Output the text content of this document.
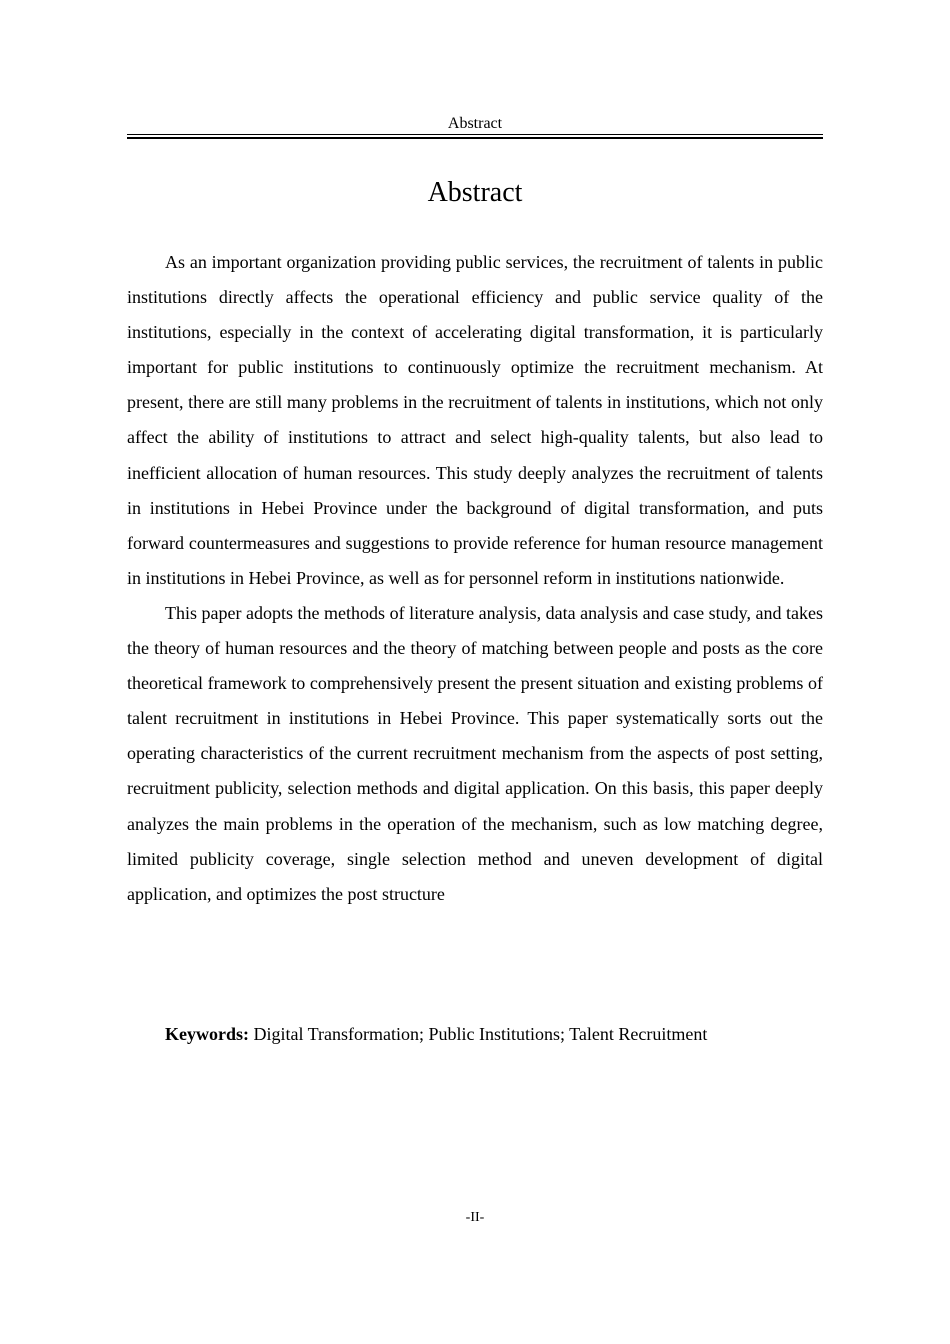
Abstract
Abstract

As an important organization providing public services, the recruitment of talents in public institutions directly affects the operational efficiency and public service quality of the institutions, especially in the context of accelerating digital transformation, it is particularly important for public institutions to continuously optimize the recruitment mechanism. At present, there are still many problems in the recruitment of talents in institutions, which not only affect the ability of institutions to attract and select high-quality talents, but also lead to inefficient allocation of human resources. This study deeply analyzes the recruitment of talents in institutions in Hebei Province under the background of digital transformation, and puts forward countermeasures and suggestions to provide reference for human resource management in institutions in Hebei Province, as well as for personnel reform in institutions nationwide.

This paper adopts the methods of literature analysis, data analysis and case study, and takes the theory of human resources and the theory of matching between people and posts as the core theoretical framework to comprehensively present the present situation and existing problems of talent recruitment in institutions in Hebei Province. This paper systematically sorts out the operating characteristics of the current recruitment mechanism from the aspects of post setting, recruitment publicity, selection methods and digital application. On this basis, this paper deeply analyzes the main problems in the operation of the mechanism, such as low matching degree, limited publicity coverage, single selection method and uneven development of digital application, and optimizes the post structure

Keywords: Digital Transformation; Public Institutions; Talent Recruitment
-II-
